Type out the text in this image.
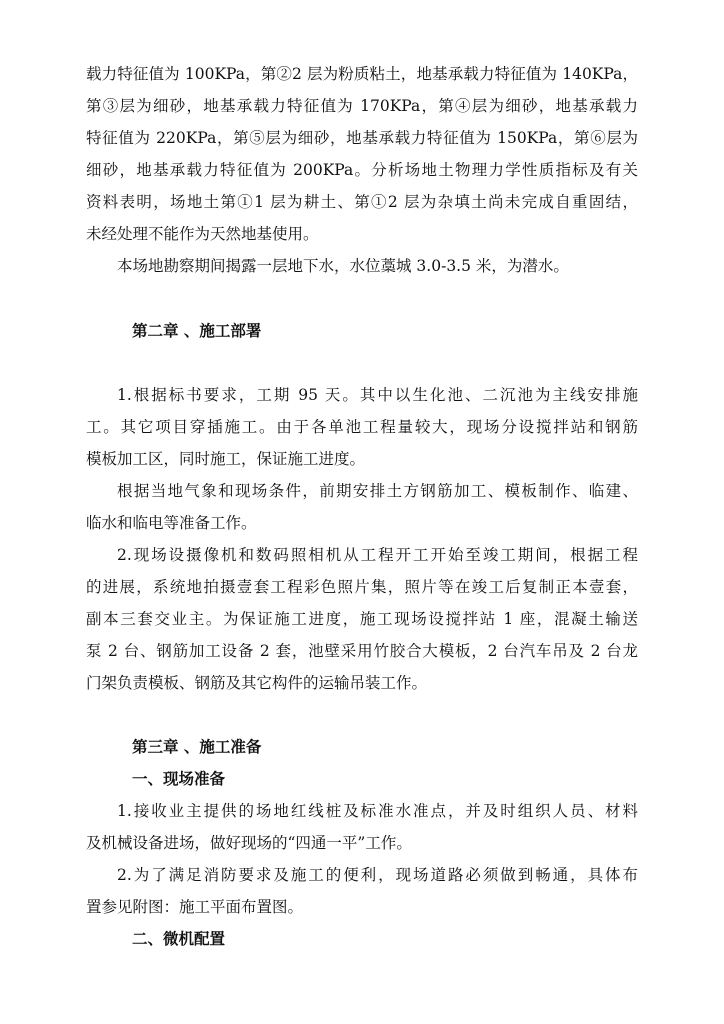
载力特征值为 100KPa，第②2 层为粉质粘土，地基承载力特征值为 140KPa，
第③层为细砂，地基承载力特征值为 170KPa，第④层为细砂，地基承载力
特征值为 220KPa，第⑤层为细砂，地基承载力特征值为 150KPa，第⑥层为
细砂，地基承载力特征值为 200KPa。分析场地土物理力学性质指标及有关
资料表明，场地土第①1 层为耕土、第①2 层为杂填土尚未完成自重固结，
未经处理不能作为天然地基使用。
本场地勘察期间揭露一层地下水，水位藁城 3.0-3.5 米，为潜水。
第二章 、施工部署
1.根据标书要求，工期 95 天。其中以生化池、二沉池为主线安排施
工。其它项目穿插施工。由于各单池工程量较大，现场分设搅拌站和钢筋
模板加工区，同时施工，保证施工进度。
根据当地气象和现场条件，前期安排土方钢筋加工、模板制作、临建、
临水和临电等准备工作。
2.现场设摄像机和数码照相机从工程开工开始至竣工期间，根据工程
的进展，系统地拍摄壹套工程彩色照片集，照片等在竣工后复制正本壹套，
副本三套交业主。为保证施工进度，施工现场设搅拌站 1 座，混凝土输送
泵 2 台、钢筋加工设备 2 套，池壁采用竹胶合大模板，2 台汽车吊及 2 台龙
门架负责模板、钢筋及其它构件的运输吊装工作。
第三章 、施工准备
一、现场准备
1.接收业主提供的场地红线桩及标准水准点，并及时组织人员、材料
及机械设备进场，做好现场的“四通一平”工作。
2.为了满足消防要求及施工的便利，现场道路必须做到畅通，具体布
置参见附图：施工平面布置图。
二、微机配置
